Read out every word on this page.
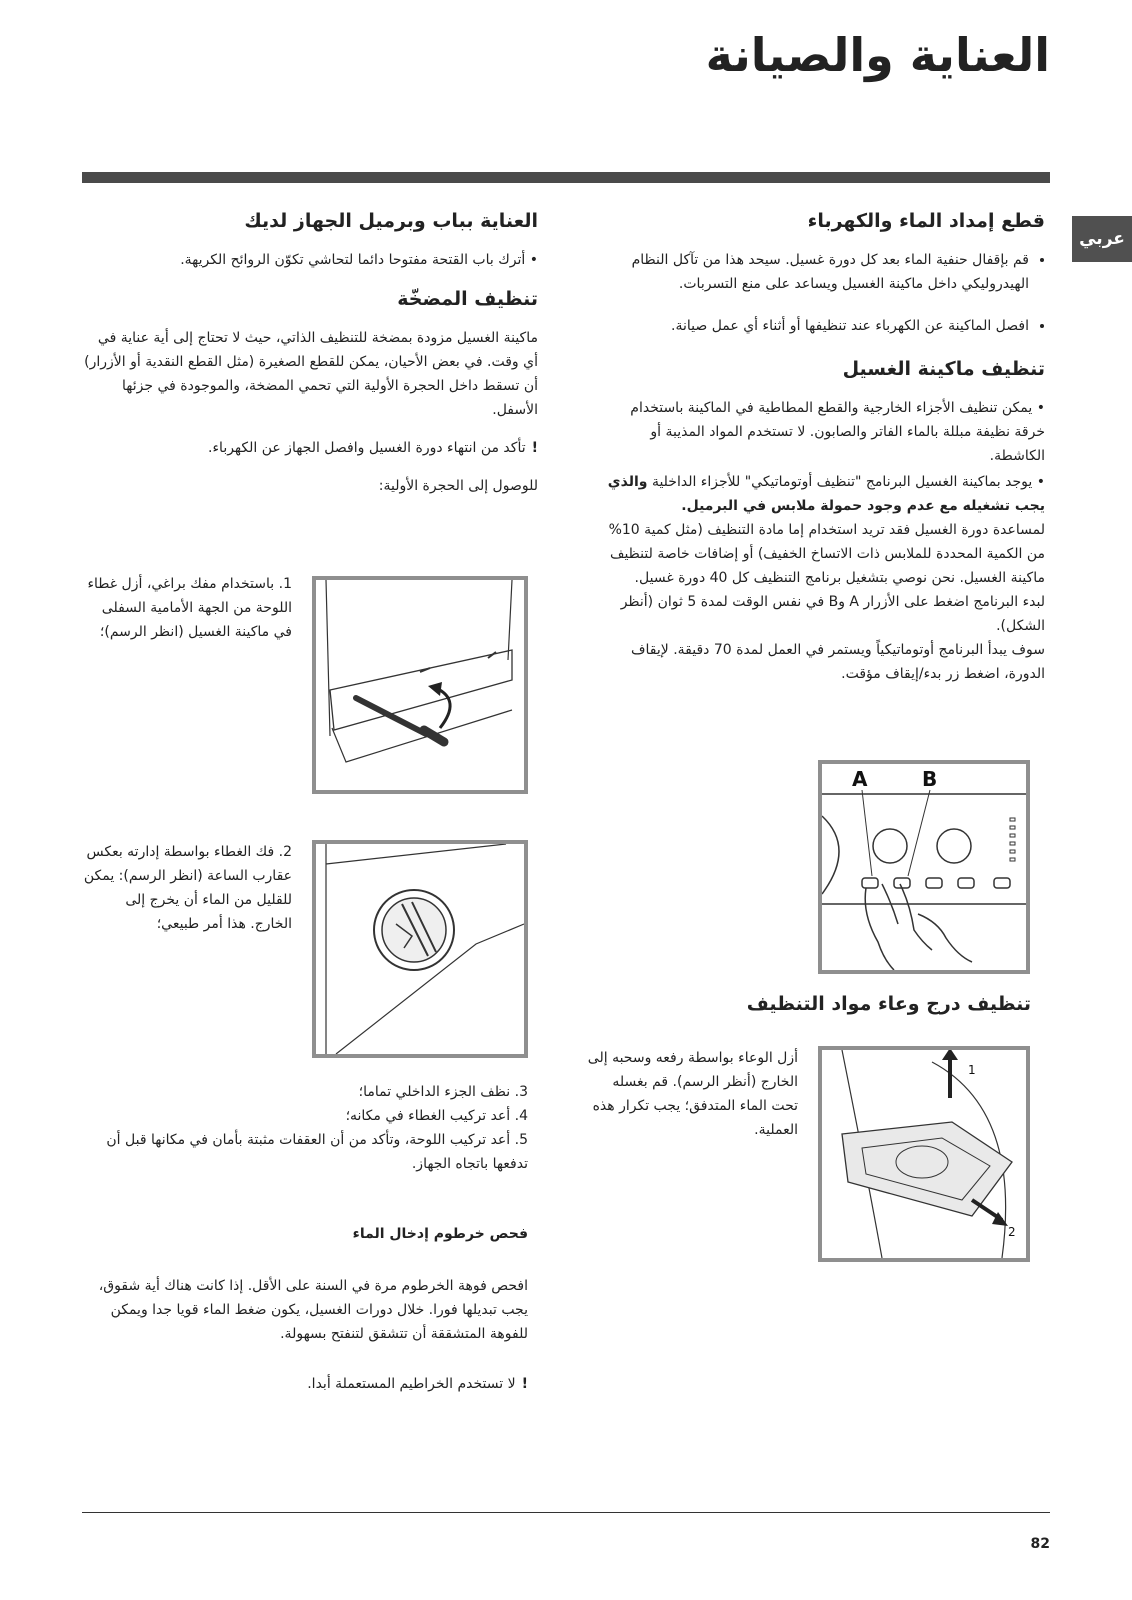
العناية والصيانة
عربي
قطع إمداد الماء والكهرباء
• قم بإقفال حنفية الماء بعد كل دورة غسيل. سيحد هذا من تآكل النظام الهيدروليكي داخل ماكينة الغسيل ويساعد على منع التسربات.
• افصل الماكينة عن الكهرباء عند تنظيفها أو أثناء أي عمل صيانة.
تنظيف ماكينة الغسيل

• يمكن تنظيف الأجزاء الخارجية والقطع المطاطية في الماكينة باستخدام خرقة نظيفة مبللة بالماء الفاتر والصابون. لا تستخدم المواد المذيبة أو الكاشطة.

• يوجد بماكينة الغسيل البرنامج "تنظيف أوتوماتيكي" للأجزاء الداخلية والذي يجب تشغيله مع عدم وجود حمولة ملابس في البرميل.

لمساعدة دورة الغسيل فقد تريد استخدام إما مادة التنظيف (مثل كمية 10% من الكمية المحددة للملابس ذات الاتساخ الخفيف) أو إضافات خاصة لتنظيف ماكينة الغسيل. نحن نوصي بتشغيل برنامج التنظيف كل 40 دورة غسيل.

لبدء البرنامج اضغط على الأزرار A وB في نفس الوقت لمدة 5 ثوان (أنظر الشكل).

سوف يبدأ البرنامج أوتوماتيكياً ويستمر في العمل لمدة 70 دقيقة. لإيقاف الدورة، اضغط زر بدء/إيقاف مؤقت.

A	B
تنظيف درج وعاء مواد التنظيف
أزل الوعاء بواسطة رفعه وسحبه إلى الخارج (أنظر الرسم). قم بغسله تحت الماء المتدفق؛ يجب تكرار هذه العملية.
1
2
العناية بباب وبرميل الجهاز لديك

• أترك باب القتحة مفتوحا دائما لتحاشي تكوّن الروائح الكريهة.

تنظيف المضخّة

ماكينة الغسيل مزودة بمضخة للتنظيف الذاتي، حيث لا تحتاج إلى أية عناية في أي وقت. في بعض الأحيان، يمكن للقطع الصغيرة (مثل القطع النقدية أو الأزرار) أن تسقط داخل الحجرة الأولية التي تحمي المضخة، والموجودة في جزئها الأسفل.

!تأكد من انتهاء دورة الغسيل وافصل الجهاز عن الكهرباء.

للوصول إلى الحجرة الأولية:

1. باستخدام مفك براغي، أزل غطاء اللوحة من الجهة الأمامية السفلى في ماكينة الغسيل (انظر الرسم)؛
2. فك الغطاء بواسطة إدارته بعكس عقارب الساعة (انظر الرسم): يمكن للقليل من الماء أن يخرج إلى الخارج. هذا أمر طبيعي؛
3. نظف الجزء الداخلي تماما؛
4. أعد تركيب الغطاء في مكانه؛
5. أعد تركيب اللوحة، وتأكد من أن العقفات مثبتة بأمان في مكانها قبل أن تدفعها باتجاه الجهاز.
فحص خرطوم إدخال الماء
افحص فوهة الخرطوم مرة في السنة على الأقل. إذا كانت هناك أية شقوق، يجب تبديلها فورا. خلال دورات الغسيل، يكون ضغط الماء قويا جدا ويمكن للفوهة المتشققة أن تتشقق لتنفتح بسهولة.
!لا تستخدم الخراطيم المستعملة أبدا.
82
